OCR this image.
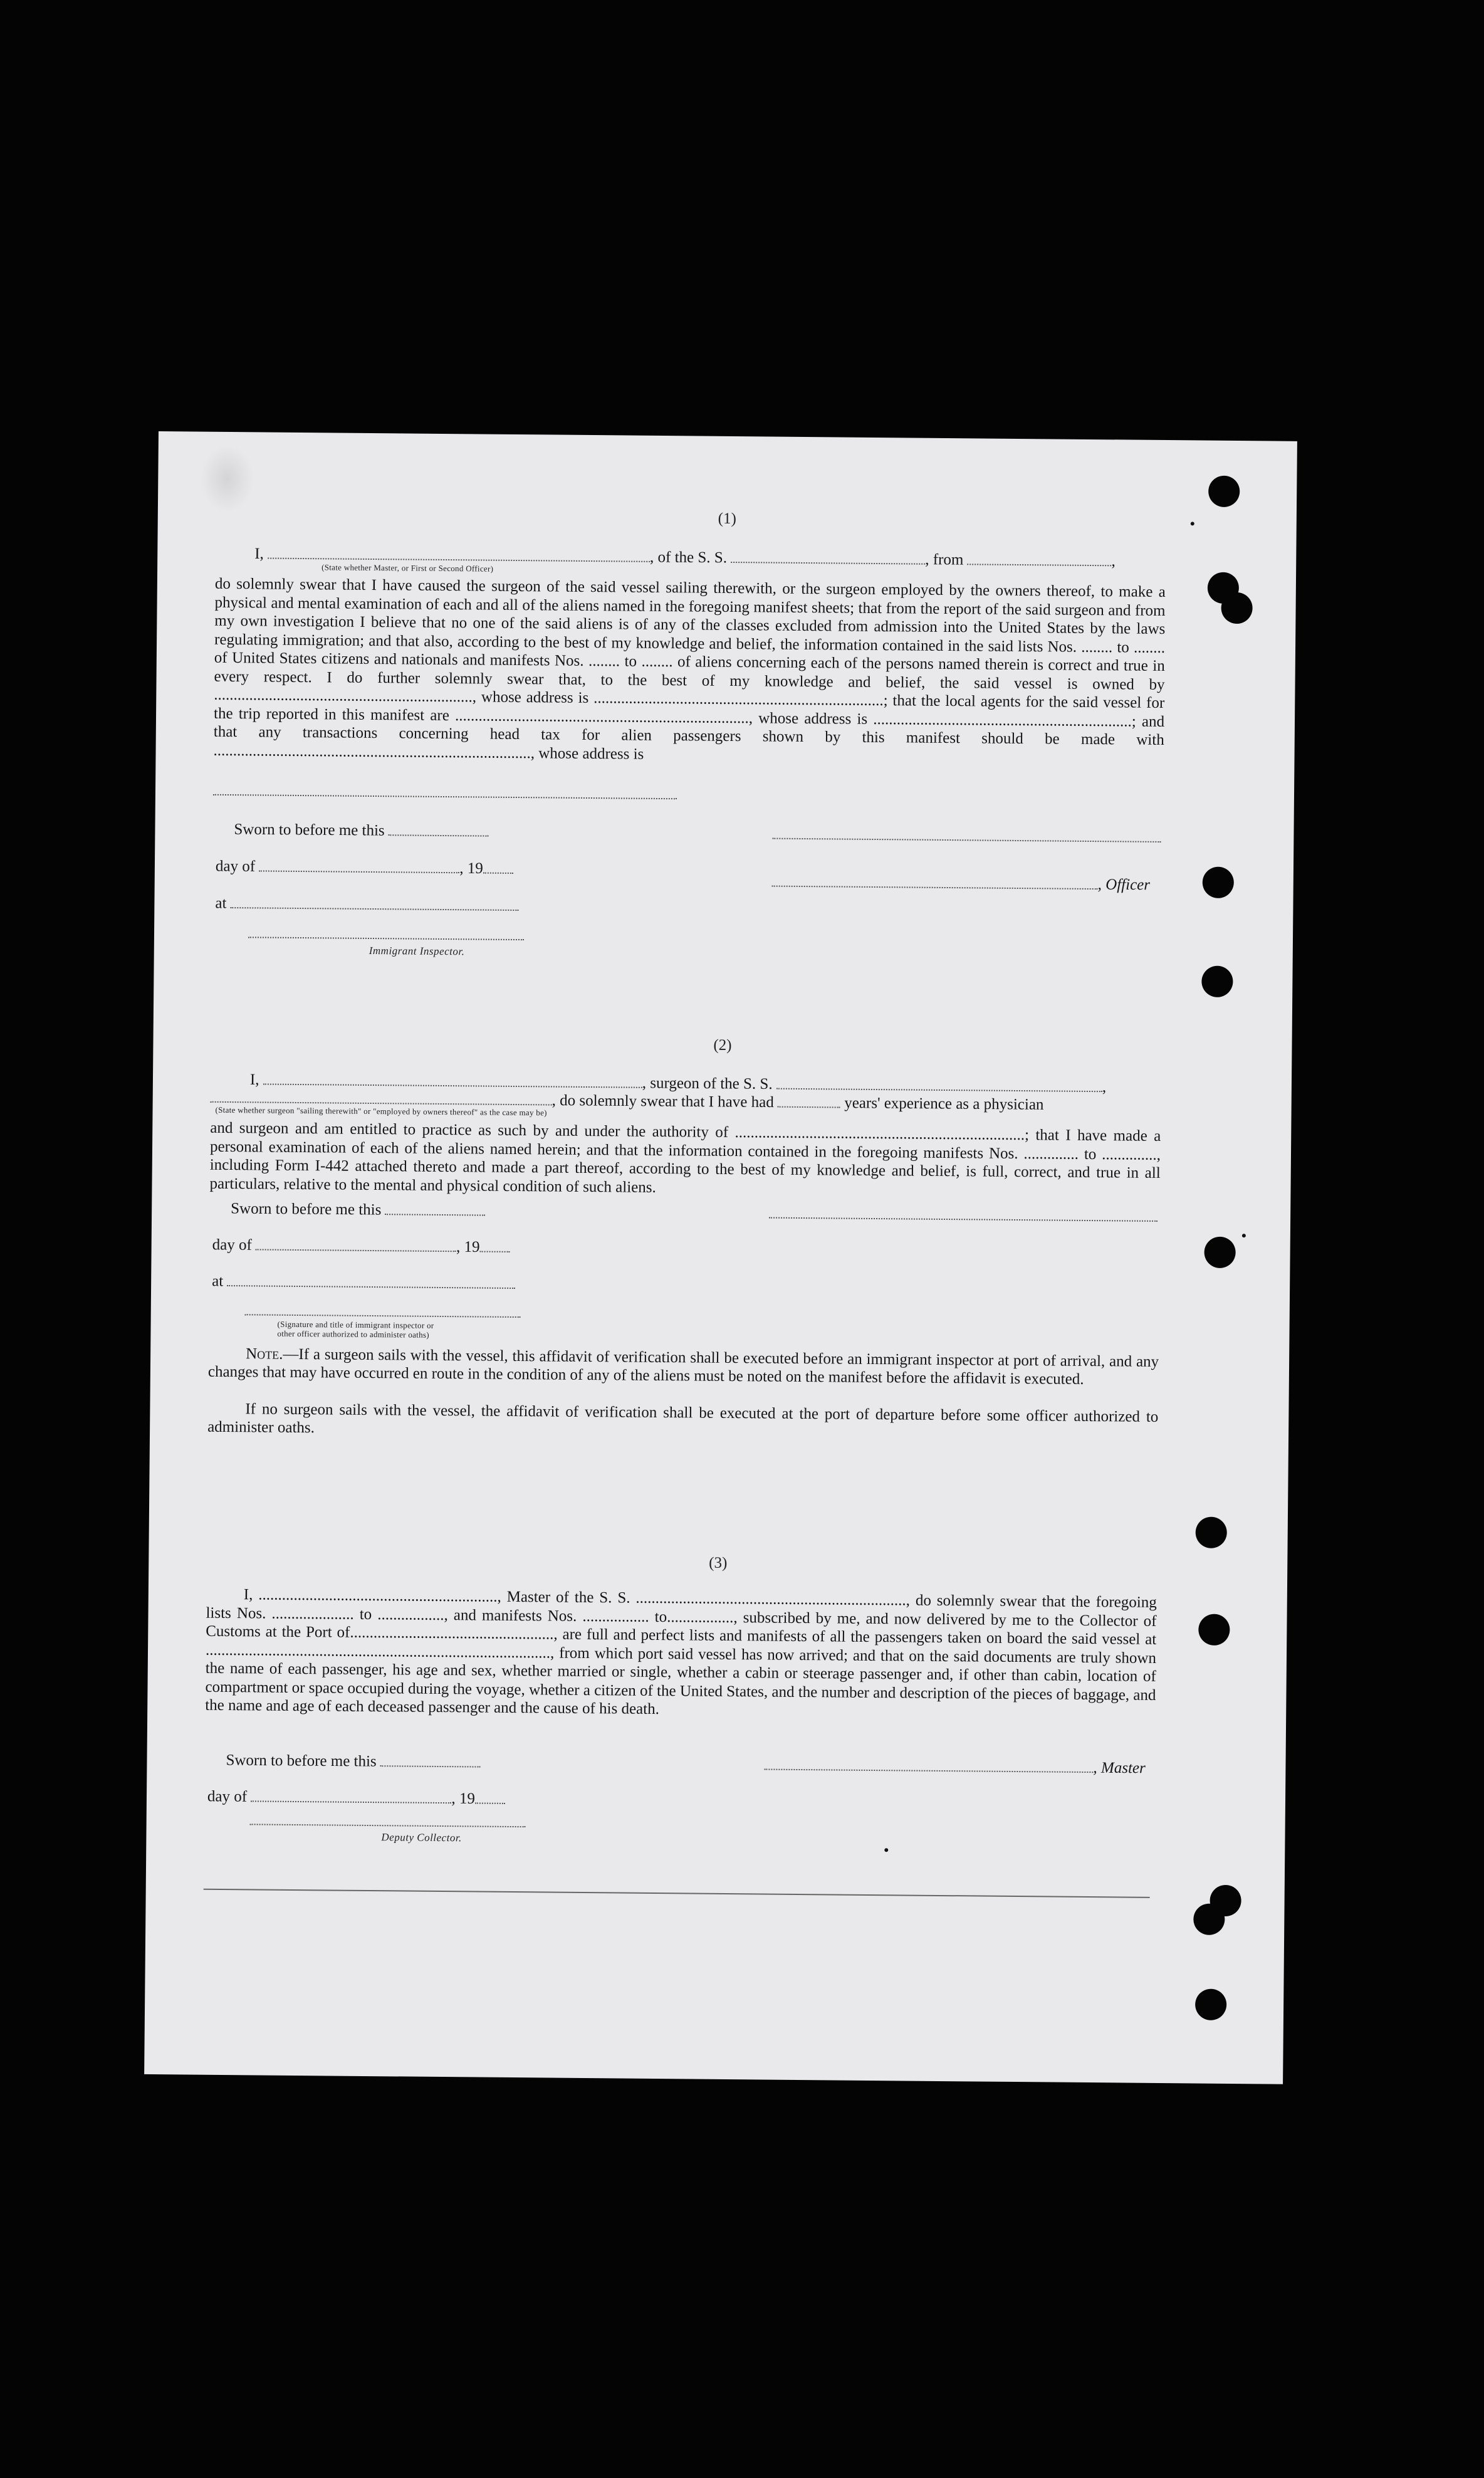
(1)
I,	, of the S. S.	, from	,
(State whether Master, or First or Second Officer)
do solemnly swear that I have caused the surgeon of the said vessel sailing therewith, or the surgeon employed by the owners thereof, to make a physical and mental examination of each and all of the aliens named in the foregoing manifest sheets; that from the report of the said surgeon and from my own investigation I believe that no one of the said aliens is of any of the classes excluded from admission into the United States by the laws regulating immigration; and that also, according to the best of my knowledge and belief, the information contained in the said lists Nos. ........ to ........ of United States citizens and nationals and manifests Nos. ........ to ........ of aliens concerning each of the persons named therein is correct and true in every respect. I do further solemnly swear that, to the best of my knowledge and belief, the said vessel is owned by .................................................................., whose address is ..........................................................................; that the local agents for the said vessel for the trip reported in this manifest are ..........................................................................., whose address is ..................................................................; and that any transactions concerning head tax for alien passengers shown by this manifest should be made with ................................................................................., whose address is
Sworn to before me this
day of	, 19
, Officer
at
Immigrant Inspector.
(2)
I,	, surgeon of the S. S.	,
, do solemnly swear that I have had	years' experience as a physician
(State whether surgeon "sailing therewith" or "employed by owners thereof" as the case may be)
and surgeon and am entitled to practice as such by and under the authority of ..........................................................................; that I have made a personal examination of each of the aliens named herein; and that the information contained in the foregoing manifests Nos. .............. to .............., including Form I-442 attached thereto and made a part thereof, according to the best of my knowledge and belief, is full, correct, and true in all particulars, relative to the mental and physical condition of such aliens.
Sworn to before me this
day of	, 19
at
(Signature and title of immigrant inspector or
other officer authorized to administer oaths)
Note.—If a surgeon sails with the vessel, this affidavit of verification shall be executed before an immigrant inspector at port of arrival, and any changes that may have occurred en route in the condition of any of the aliens must be noted on the manifest before the affidavit is executed.
If no surgeon sails with the vessel, the affidavit of verification shall be executed at the port of departure before some officer authorized to administer oaths.
(3)
I, ............................................................., Master of the S. S. ....................................................................., do solemnly swear that the foregoing lists Nos. ..................... to ................., and manifests Nos. ................. to................., subscribed by me, and now delivered by me to the Collector of Customs at the Port of...................................................., are full and perfect lists and manifests of all the passengers taken on board the said vessel at ........................................................................................, from which port said vessel has now arrived; and that on the said documents are truly shown the name of each passenger, his age and sex, whether married or single, whether a cabin or steerage passenger and, if other than cabin, location of compartment or space occupied during the voyage, whether a citizen of the United States, and the number and description of the pieces of baggage, and the name and age of each deceased passenger and the cause of his death.
Sworn to before me this	, Master
day of	, 19
Deputy Collector.
